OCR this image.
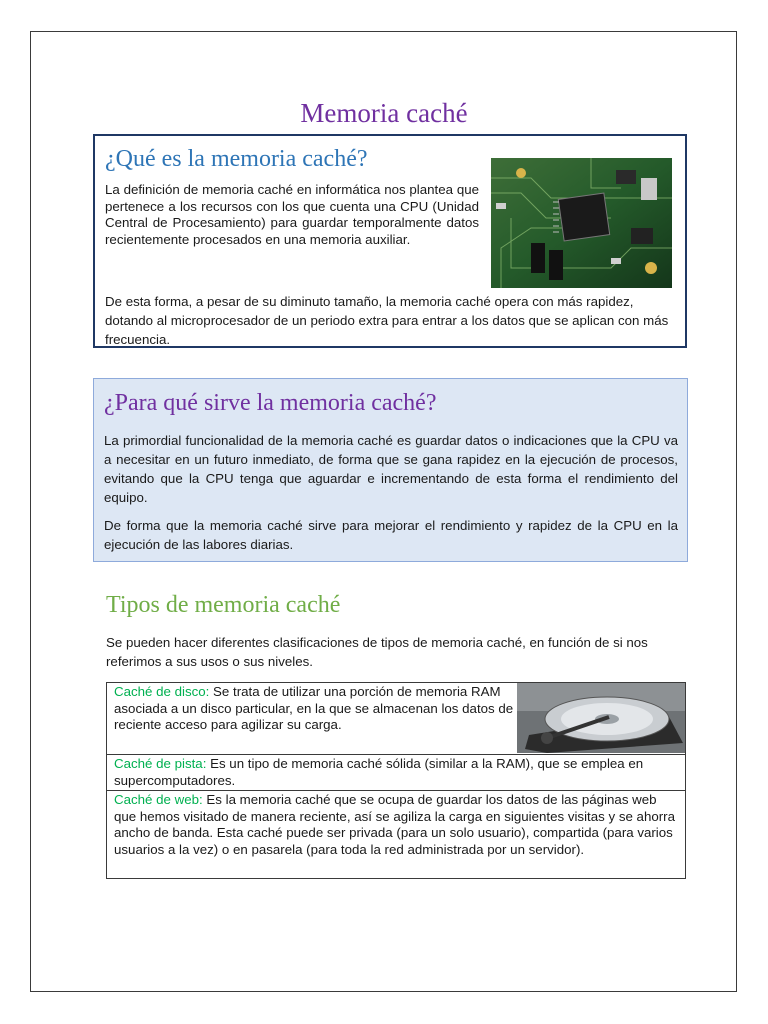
Memoria caché
¿Qué es la memoria caché?

La definición de memoria caché en informática nos plantea que pertenece a los recursos con los que cuenta una CPU (Unidad Central de Procesamiento) para guardar temporalmente datos recientemente procesados en una memoria auxiliar.

De esta forma, a pesar de su diminuto tamaño, la memoria caché opera con más rapidez, dotando al microprocesador de un periodo extra para entrar a los datos que se aplican con más frecuencia.

¿Para qué sirve la memoria caché?

La primordial funcionalidad de la memoria caché es guardar datos o indicaciones que la CPU va a necesitar en un futuro inmediato, de forma que se gana rapidez en la ejecución de procesos, evitando que la CPU tenga que aguardar e incrementando de esta forma el rendimiento del equipo.

De forma que la memoria caché sirve para mejorar el rendimiento y rapidez de la CPU en la ejecución de las labores diarias.

Tipos de memoria caché

Se pueden hacer diferentes clasificaciones de tipos de memoria caché, en función de si nos referimos a sus usos o sus niveles.

Caché de disco: Se trata de utilizar una porción de memoria RAM asociada a un disco particular, en la que se almacenan los datos de reciente acceso para agilizar su carga.
Caché de pista: Es un tipo de memoria caché sólida (similar a la RAM), que se emplea en supercomputadores.
Caché de web: Es la memoria caché que se ocupa de guardar los datos de las páginas web que hemos visitado de manera reciente, así se agiliza la carga en siguientes visitas y se ahorra ancho de banda. Esta caché puede ser privada (para un solo usuario), compartida (para varios usuarios a la vez) o en pasarela (para toda la red administrada por un servidor).
